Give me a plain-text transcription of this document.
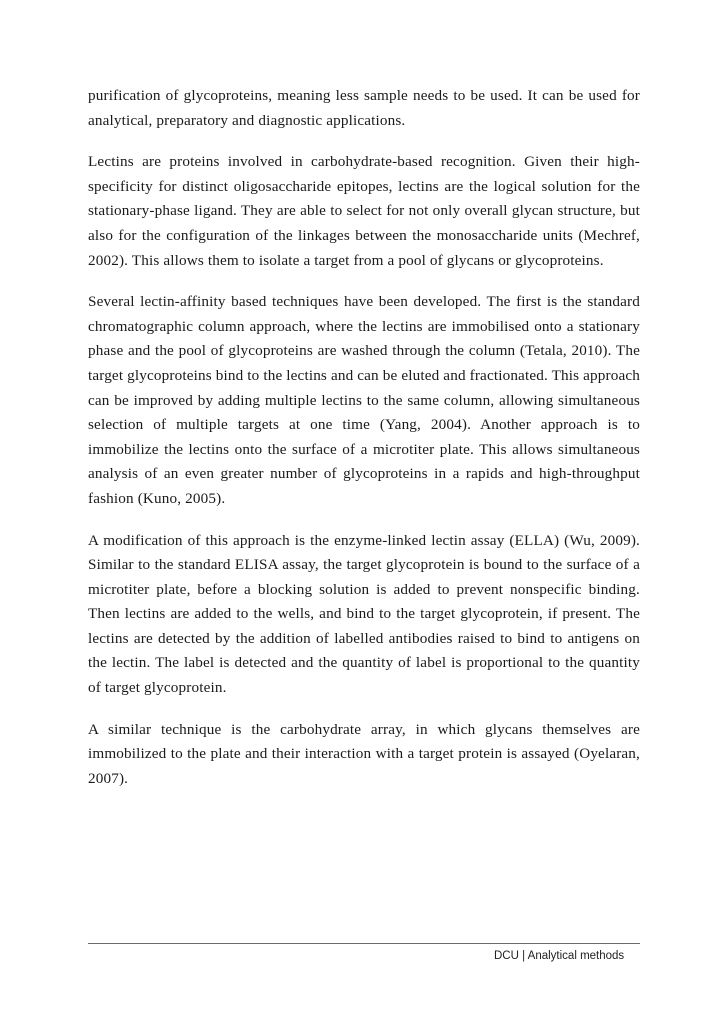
purification of glycoproteins, meaning less sample needs to be used. It can be used for analytical, preparatory and diagnostic applications.

Lectins are proteins involved in carbohydrate-based recognition. Given their high-specificity for distinct oligosaccharide epitopes, lectins are the logical solution for the stationary-phase ligand. They are able to select for not only overall glycan structure, but also for the configuration of the linkages between the monosaccharide units (Mechref, 2002). This allows them to isolate a target from a pool of glycans or glycoproteins.

Several lectin-affinity based techniques have been developed. The first is the standard chromatographic column approach, where the lectins are immobilised onto a stationary phase and the pool of glycoproteins are washed through the column (Tetala, 2010). The target glycoproteins bind to the lectins and can be eluted and fractionated. This approach can be improved by adding multiple lectins to the same column, allowing simultaneous selection of multiple targets at one time (Yang, 2004). Another approach is to immobilize the lectins onto the surface of a microtiter plate. This allows simultaneous analysis of an even greater number of glycoproteins in a rapids and high-throughput fashion (Kuno, 2005).

A modification of this approach is the enzyme-linked lectin assay (ELLA) (Wu, 2009). Similar to the standard ELISA assay, the target glycoprotein is bound to the surface of a microtiter plate, before a blocking solution is added to prevent nonspecific binding. Then lectins are added to the wells, and bind to the target glycoprotein, if present. The lectins are detected by the addition of labelled antibodies raised to bind to antigens on the lectin. The label is detected and the quantity of label is proportional to the quantity of target glycoprotein.

A similar technique is the carbohydrate array, in which glycans themselves are immobilized to the plate and their interaction with a target protein is assayed (Oyelaran, 2007).

DCU | Analytical methods
